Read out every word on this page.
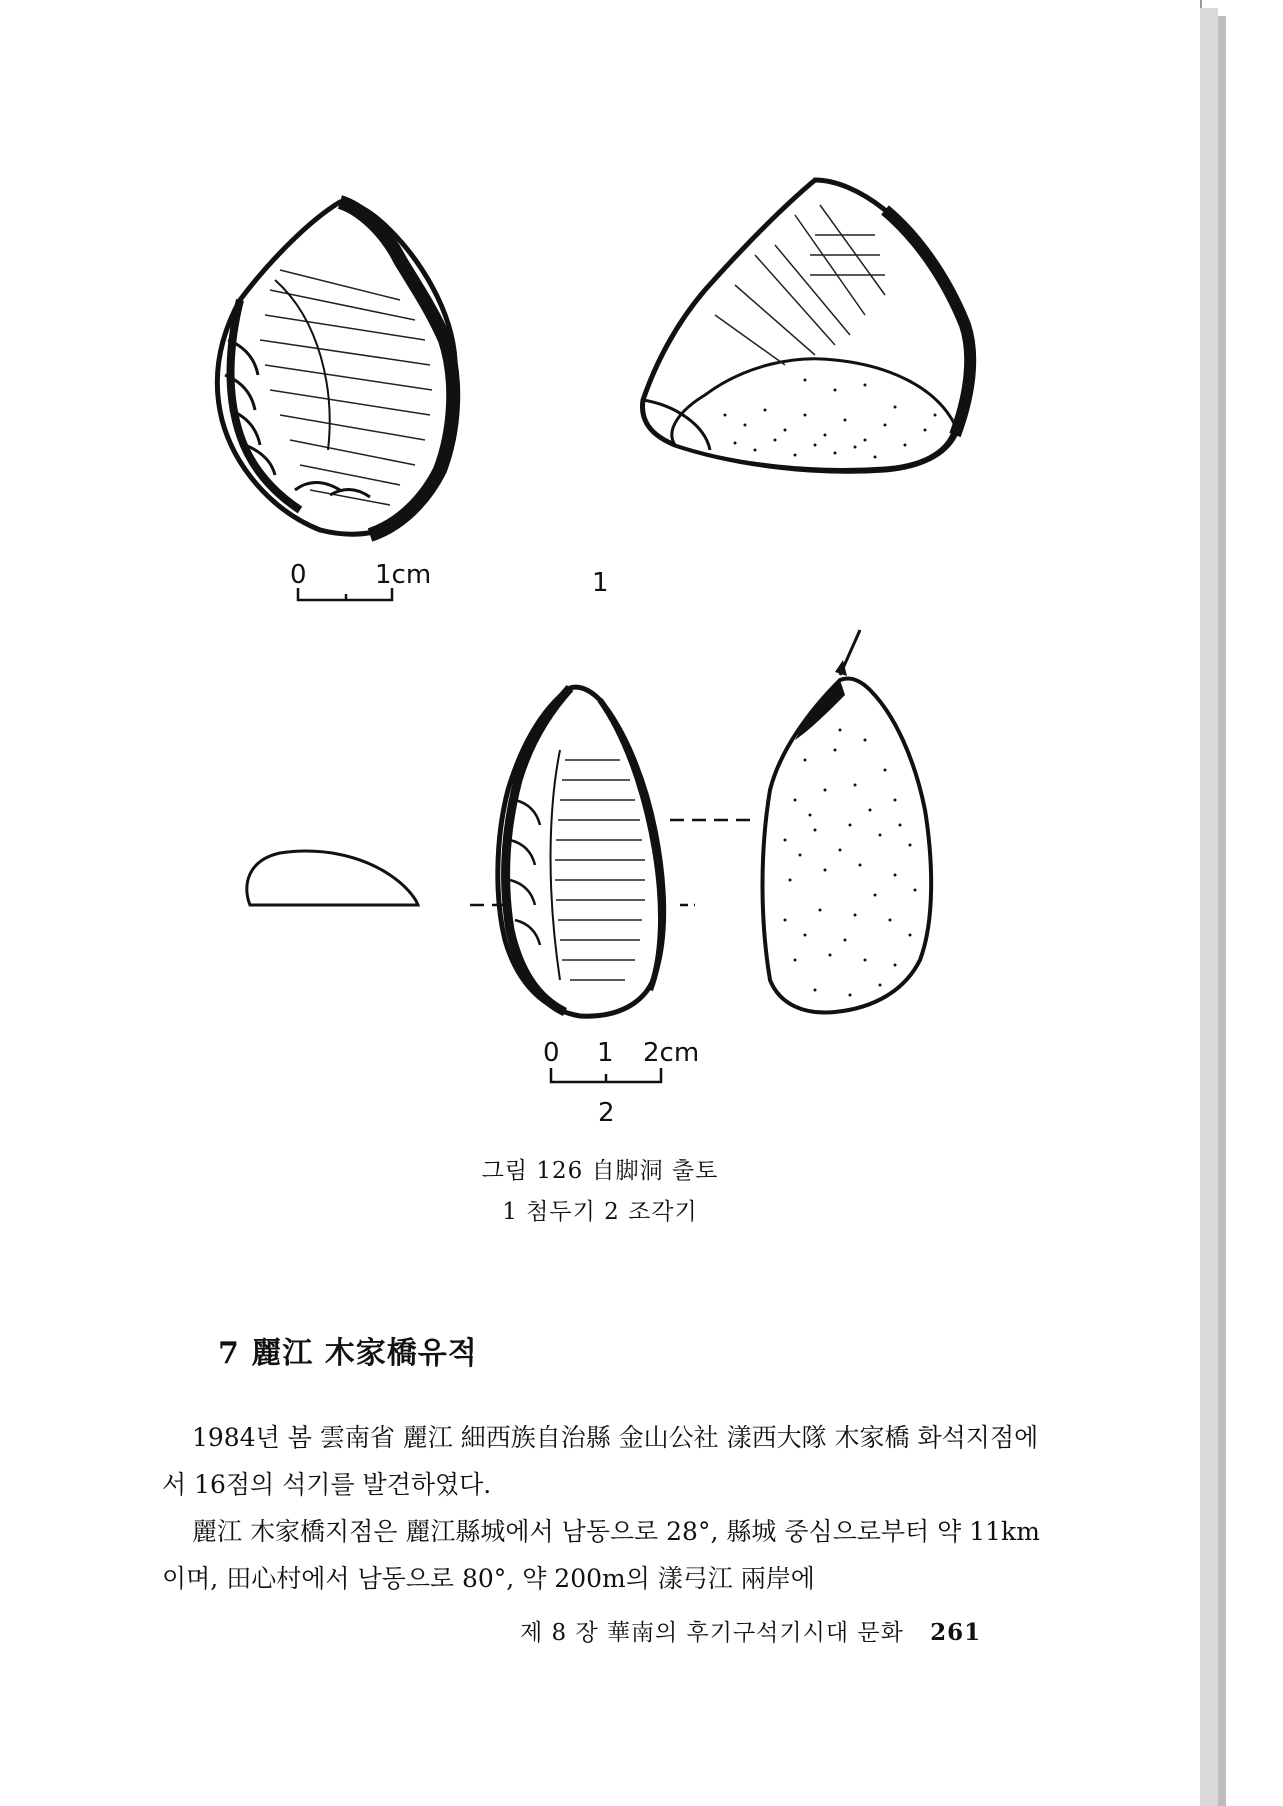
0	1cm	1
0 1 2cm
2
그림 126 自脚洞 출토
1 첨두기 2 조각기
7 麗江 木家橋유적
1984년 봄 雲南省 麗江 細西族自治縣 金山公社 漾西大隊 木家橋 화석지점에서 16점의 석기를 발견하였다.
麗江 木家橋지점은 麗江縣城에서 남동으로 28°, 縣城 중심으로부터 약 11km이며, 田心村에서 남동으로 80°, 약 200m의 漾弓江 兩岸에
제 8 장 華南의 후기구석기시대 문화 261
